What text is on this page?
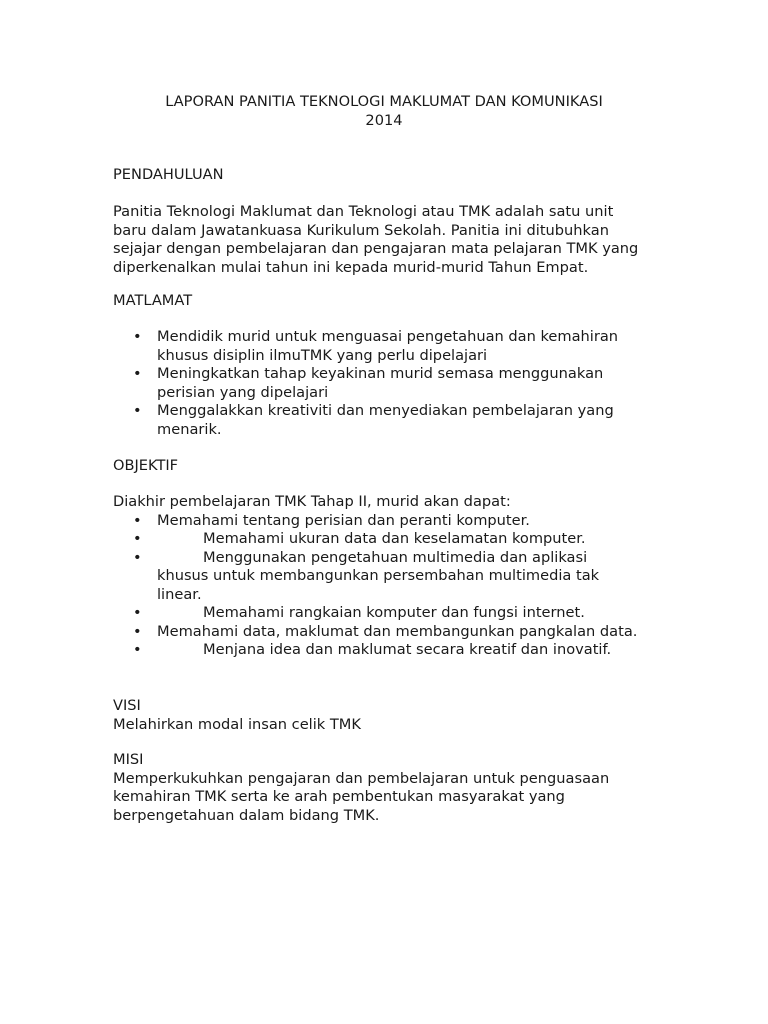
LAPORAN PANITIA TEKNOLOGI MAKLUMAT DAN KOMUNIKASI
2014

PENDAHULUAN

Panitia Teknologi Maklumat dan Teknologi atau TMK adalah satu unit

baru dalam Jawatankuasa Kurikulum Sekolah. Panitia ini ditubuhkan

sejajar dengan pembelajaran dan pengajaran mata pelajaran TMK yang

diperkenalkan mulai tahun ini kepada murid-murid Tahun Empat.

MATLAMAT

• Mendidik murid untuk menguasai pengetahuan dan kemahiran
khusus disiplin ilmuTMK yang perlu dipelajari
• Meningkatkan tahap keyakinan murid semasa menggunakan
perisian yang dipelajari
• Menggalakkan kreativiti dan menyediakan pembelajaran yang
menarik.

OBJEKTIF

Diakhir pembelajaran TMK Tahap II, murid akan dapat:

• Memahami tentang perisian dan peranti komputer.
•	Memahami ukuran data dan keselamatan komputer.
•	Menggunakan pengetahuan multimedia dan aplikasi
khusus untuk membangunkan persembahan multimedia tak
linear.
•	Memahami rangkaian komputer dan fungsi internet.
• Memahami data, maklumat dan membangunkan pangkalan data.
•	Menjana idea dan maklumat secara kreatif dan inovatif.

VISI

Melahirkan modal insan celik TMK

MISI

Memperkukuhkan pengajaran dan pembelajaran untuk penguasaan

kemahiran TMK serta ke arah pembentukan masyarakat yang

berpengetahuan dalam bidang TMK.
